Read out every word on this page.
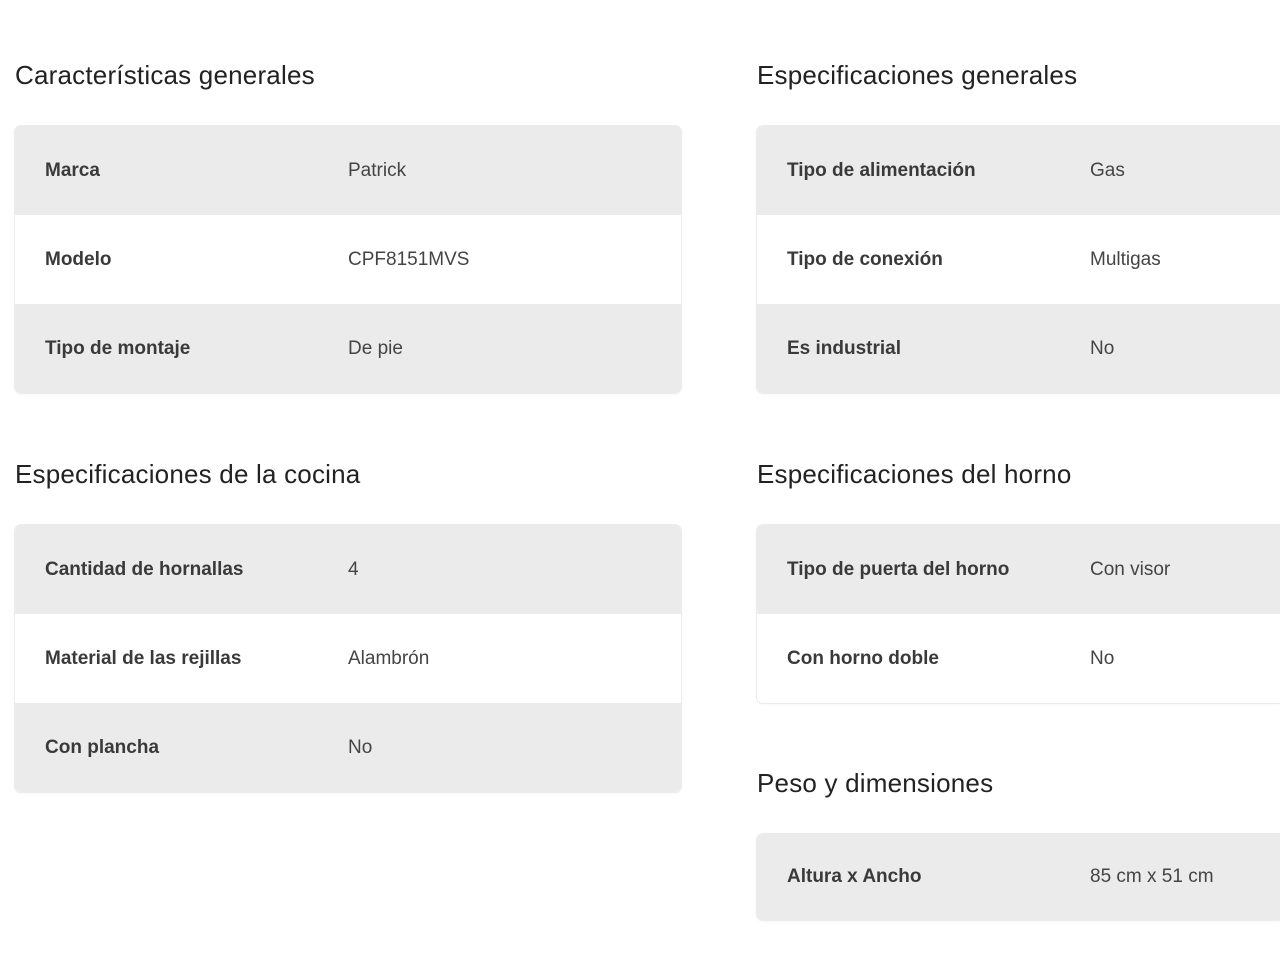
Características generales
Marca	Patrick
Modelo	CPF8151MVS
Tipo de montaje	De pie
Especificaciones generales
Tipo de alimentación	Gas
Tipo de conexión	Multigas
Es industrial	No
Especificaciones de la cocina
Cantidad de hornallas	4
Material de las rejillas	Alambrón
Con plancha	No
Especificaciones del horno
Tipo de puerta del horno	Con visor
Con horno doble	No
Peso y dimensiones
Altura x Ancho	85 cm x 51 cm
